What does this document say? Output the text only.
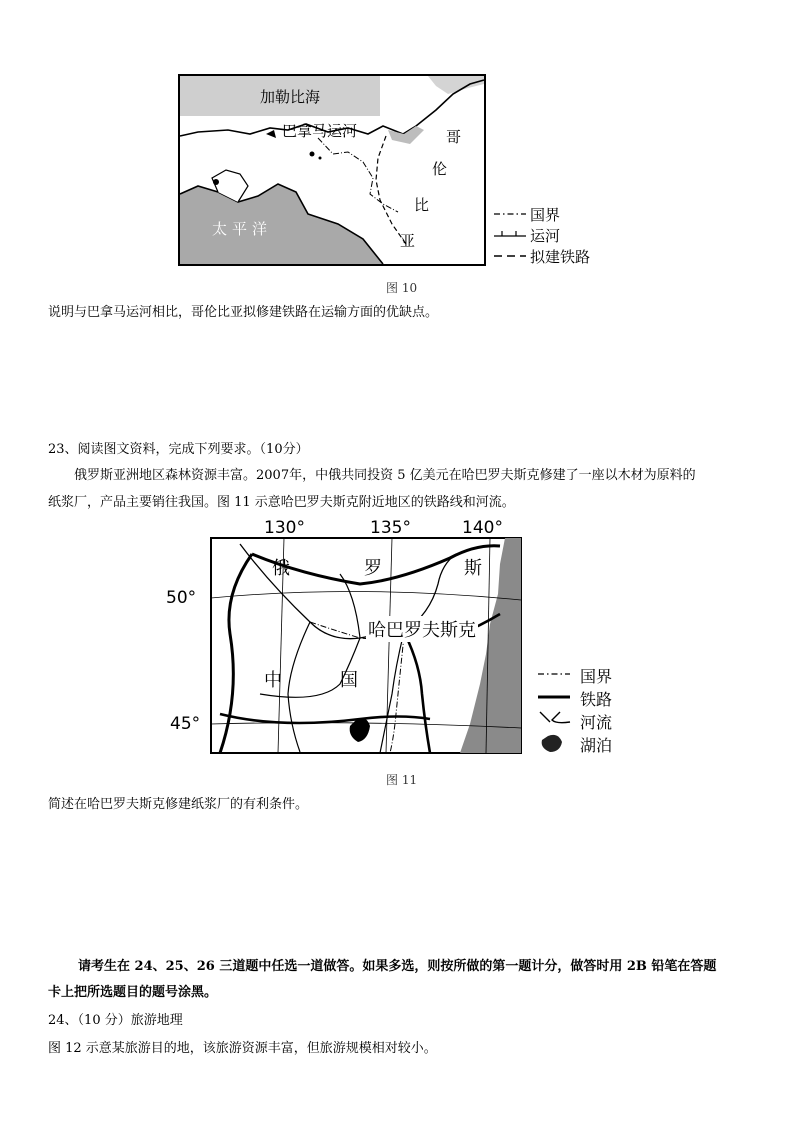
加勒比海
巴拿马运河
太平洋
哥
伦
比
亚
国界
运河
拟建铁路
图 10
说明与巴拿马运河相比，哥伦比亚拟修建铁路在运输方面的优缺点。
23、阅读图文资料，完成下列要求。（10分）
俄罗斯亚洲地区森林资源丰富。2007年，中俄共同投资 5 亿美元在哈巴罗夫斯克修建了一座以木材为原料的
纸浆厂，产品主要销往我国。图 11 示意哈巴罗夫斯克附近地区的铁路线和河流。
130°	135°	140°
50°
45°
俄	罗	斯
中	国
哈巴罗夫斯克
国界
铁路
河流
湖泊
图 11
简述在哈巴罗夫斯克修建纸浆厂的有利条件。
请考生在 24、25、26 三道题中任选一道做答。如果多选，则按所做的第一题计分，做答时用 2B 铅笔在答题
卡上把所选题目的题号涂黑。
24、（10 分）旅游地理
图 12 示意某旅游目的地，该旅游资源丰富，但旅游规模相对较小。
